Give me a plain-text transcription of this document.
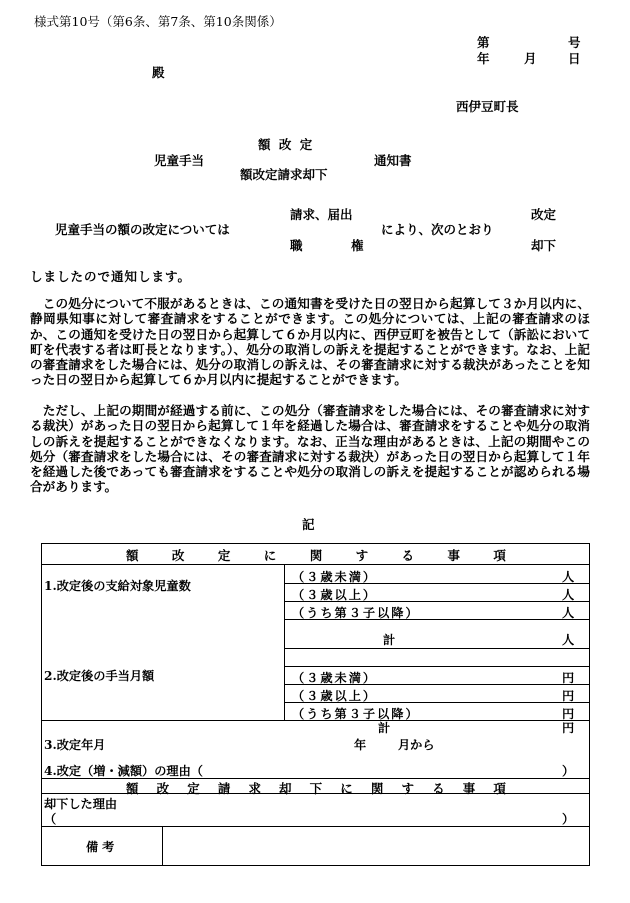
様式第10号（第6条、第7条、第10条関係）
第	号
年	月	日
殿
西伊豆町長
額 改 定
児童手当	通知書
額改定請求却下
請求、届出	改定
児童手当の額の改定については	により、次のとおり
職	権	却下
しましたので通知します。

　この処分について不服があるときは、この通知書を受けた日の翌日から起算して３か月以内に、静岡県知事に対して審査請求をすることができます。この処分については、上記の審査請求のほか、この通知を受けた日の翌日から起算して６か月以内に、西伊豆町を被告として（訴訟において町を代表する者は町長となります。）、処分の取消しの訴えを提起することができます。なお、上記の審査請求をした場合には、処分の取消しの訴えは、その審査請求に対する裁決があったことを知った日の翌日から起算して６か月以内に提起することができます。

　ただし、上記の期間が経過する前に、この処分（審査請求をした場合には、その審査請求に対する裁決）があった日の翌日から起算して１年を経過した場合は、審査請求をすることや処分の取消しの訴えを提起することができなくなります。なお、正当な理由があるときは、上記の期間やこの処分（審査請求をした場合には、その審査請求に対する裁決）があった日の翌日から起算して１年を経過した後であっても審査請求をすることや処分の取消しの訴えを提起することが認められる場合があります。

記
額	改	定	に	関	す	る	事	項
1.改定後の支給対象児童数
（３歳未満）	人
（３歳以上）	人
（うち第３子以降）	人
計	人
2.改定後の手当月額	（３歳未満）	円
（３歳以上）	円
（うち第３子以降）	円
計	円
3.改定年月	年	月から
4.改定（増・減額）の理由（	）
額 改 定 請 求 却 下 に 関 す る 事 項
却下した理由
（	）
備考
